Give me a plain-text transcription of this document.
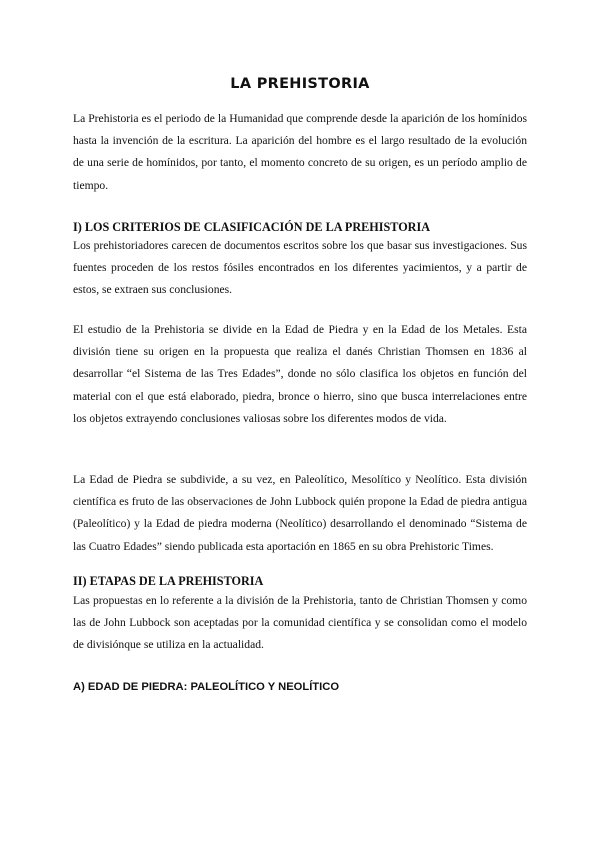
LA PREHISTORIA

La Prehistoria es el periodo de la Humanidad que comprende desde la aparición de los homínidos hasta la invención de la escritura. La aparición del hombre es el largo resultado de la evolución de una serie de homínidos, por tanto, el momento concreto de su origen, es un período amplio de tiempo.

I) LOS CRITERIOS DE CLASIFICACIÓN DE LA PREHISTORIA

Los prehistoriadores carecen de documentos escritos sobre los que basar sus investigaciones. Sus fuentes proceden de los restos fósiles encontrados en los diferentes yacimientos, y a partir de estos, se extraen sus conclusiones.

El estudio de la Prehistoria se divide en la Edad de Piedra y en la Edad de los Metales. Esta división tiene su origen en la propuesta que realiza el danés Christian Thomsen en 1836 al desarrollar “el Sistema de las Tres Edades”, donde no sólo clasifica los objetos en función del material con el que está elaborado, piedra, bronce o hierro, sino que busca interrelaciones entre los objetos extrayendo conclusiones valiosas sobre los diferentes modos de vida.

La Edad de Piedra se subdivide, a su vez, en Paleolítico, Mesolítico y Neolítico. Esta división científica es fruto de las observaciones de John Lubbock quién propone la Edad de piedra antigua (Paleolítico) y la Edad de piedra moderna (Neolítico) desarrollando el denominado “Sistema de las Cuatro Edades” siendo publicada esta aportación en 1865 en su obra Prehistoric Times.

II) ETAPAS DE LA PREHISTORIA

Las propuestas en lo referente a la división de la Prehistoria, tanto de Christian Thomsen y como las de John Lubbock son aceptadas por la comunidad científica y se consolidan como el modelo de divisiónque se utiliza en la actualidad.

A) EDAD DE PIEDRA: PALEOLÍTICO Y NEOLÍTICO
